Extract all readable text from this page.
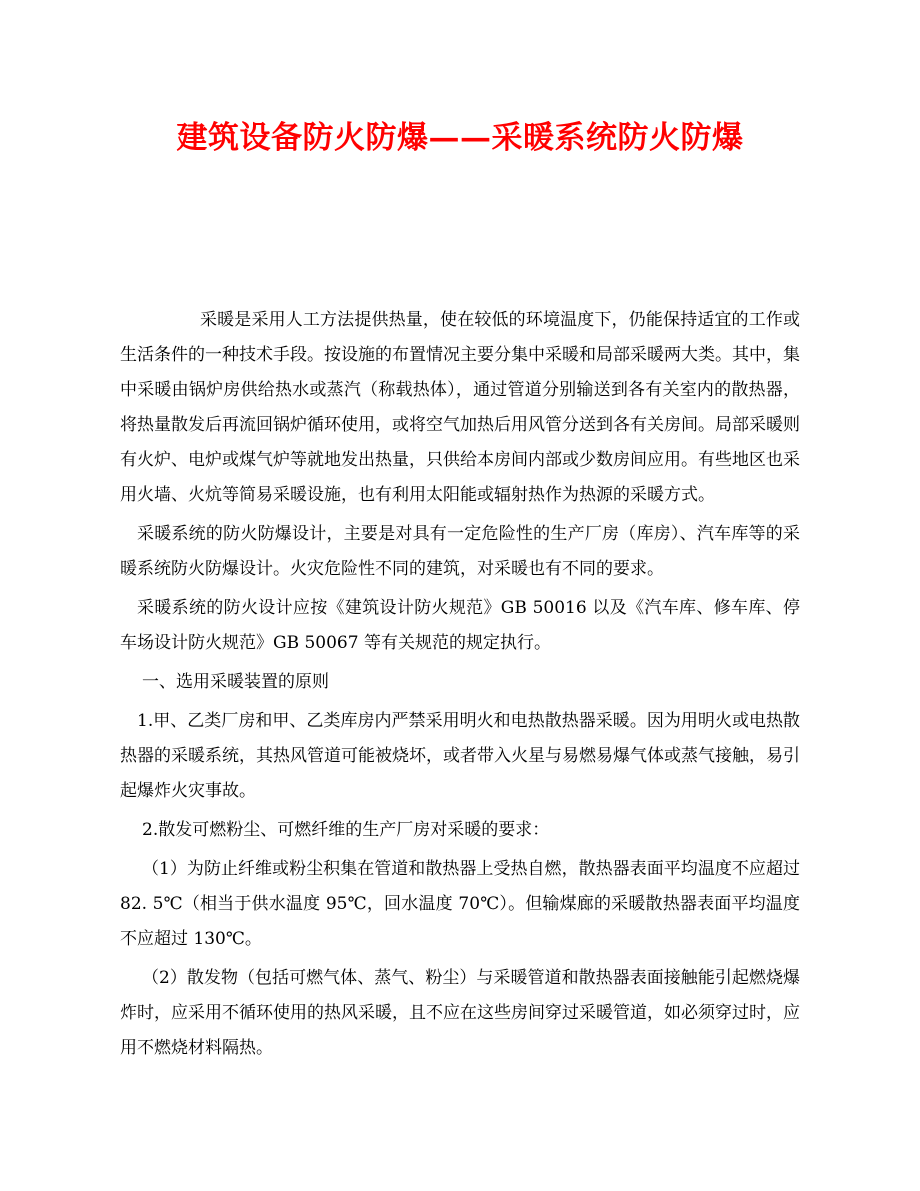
建筑设备防火防爆——采暖系统防火防爆

采暖是采用人工方法提供热量，使在较低的环境温度下，仍能保持适宜的工作或生活条件的一种技术手段。按设施的布置情况主要分集中采暖和局部采暖两大类。其中，集中采暖由锅炉房供给热水或蒸汽（称载热体），通过管道分别输送到各有关室内的散热器，将热量散发后再流回锅炉循环使用，或将空气加热后用风管分送到各有关房间。局部采暖则有火炉、电炉或煤气炉等就地发出热量，只供给本房间内部或少数房间应用。有些地区也采用火墙、火炕等简易采暖设施，也有利用太阳能或辐射热作为热源的采暖方式。

采暖系统的防火防爆设计，主要是对具有一定危险性的生产厂房（库房）、汽车库等的采暖系统防火防爆设计。火灾危险性不同的建筑，对采暖也有不同的要求。

采暖系统的防火设计应按《建筑设计防火规范》GB 50016 以及《汽车库、修车库、停车场设计防火规范》GB 50067 等有关规范的规定执行。

一、选用采暖装置的原则

1.甲、乙类厂房和甲、乙类库房内严禁采用明火和电热散热器采暖。因为用明火或电热散热器的采暖系统，其热风管道可能被烧坏，或者带入火星与易燃易爆气体或蒸气接触，易引起爆炸火灾事故。

2.散发可燃粉尘、可燃纤维的生产厂房对采暖的要求：

（1）为防止纤维或粉尘积集在管道和散热器上受热自燃，散热器表面平均温度不应超过 82. 5℃（相当于供水温度 95℃，回水温度 70℃）。但输煤廊的采暖散热器表面平均温度不应超过 130℃。

（2）散发物（包括可燃气体、蒸气、粉尘）与采暖管道和散热器表面接触能引起燃烧爆炸时，应采用不循环使用的热风采暖，且不应在这些房间穿过采暖管道，如必须穿过时，应用不燃烧材料隔热。
